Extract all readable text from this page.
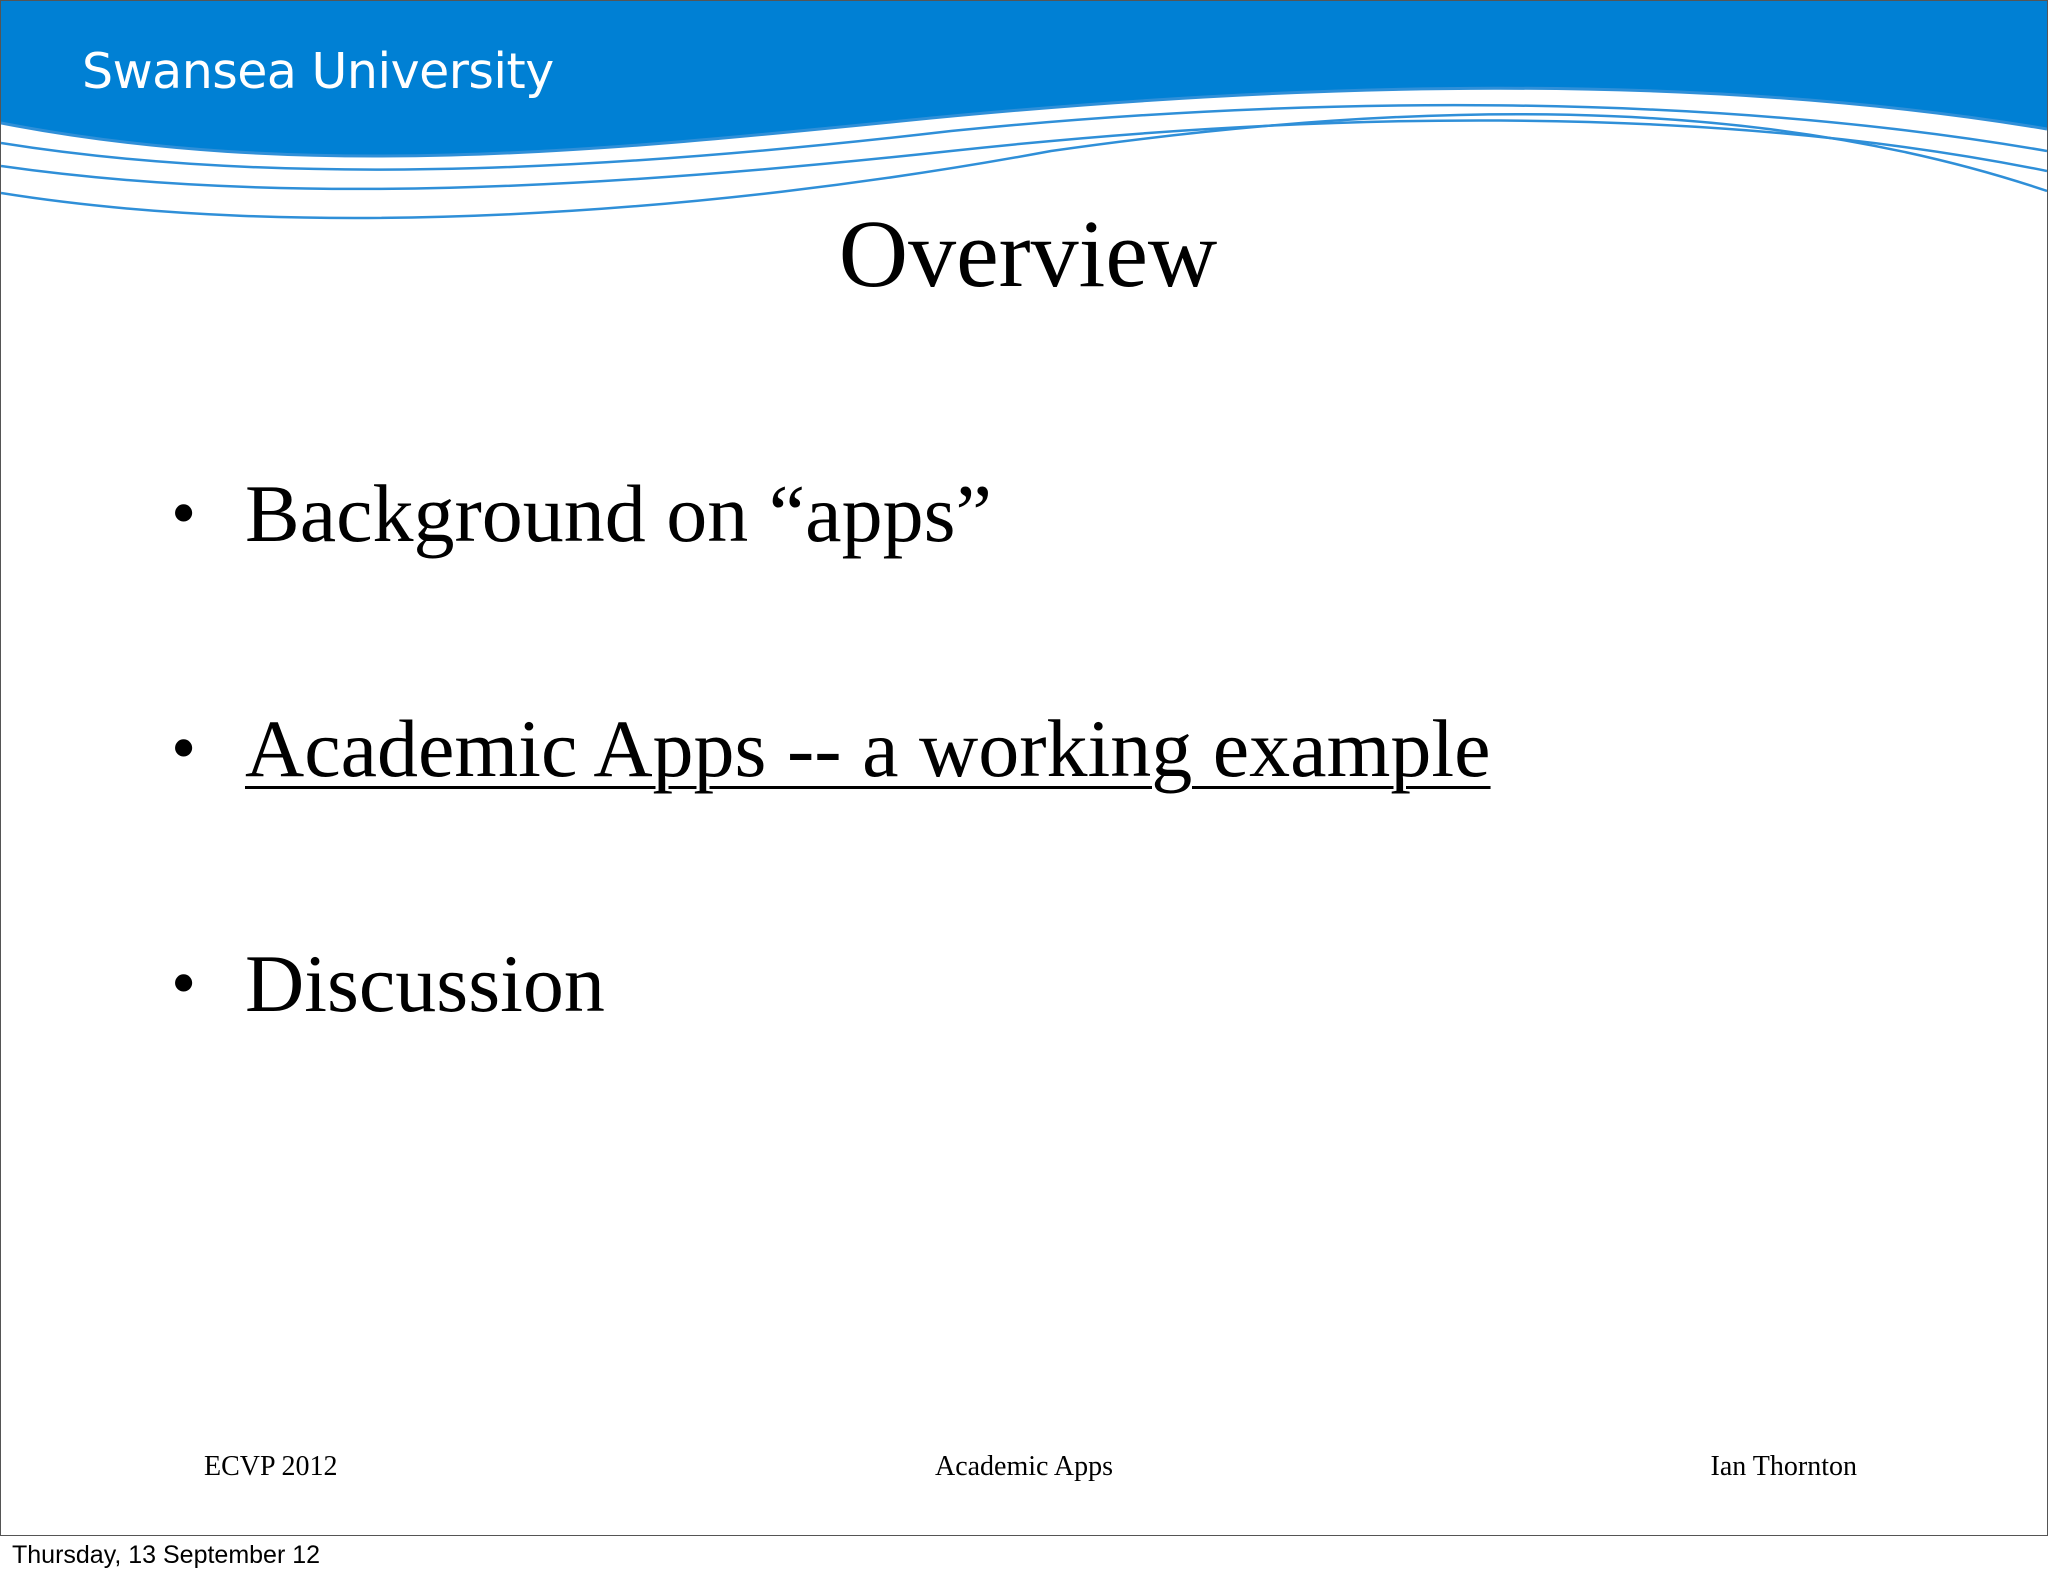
Swansea University
Overview
• Background on “apps”
• Academic Apps -- a working example
• Discussion
ECVP 2012	Academic Apps	Ian Thornton
Thursday, 13 September 12
